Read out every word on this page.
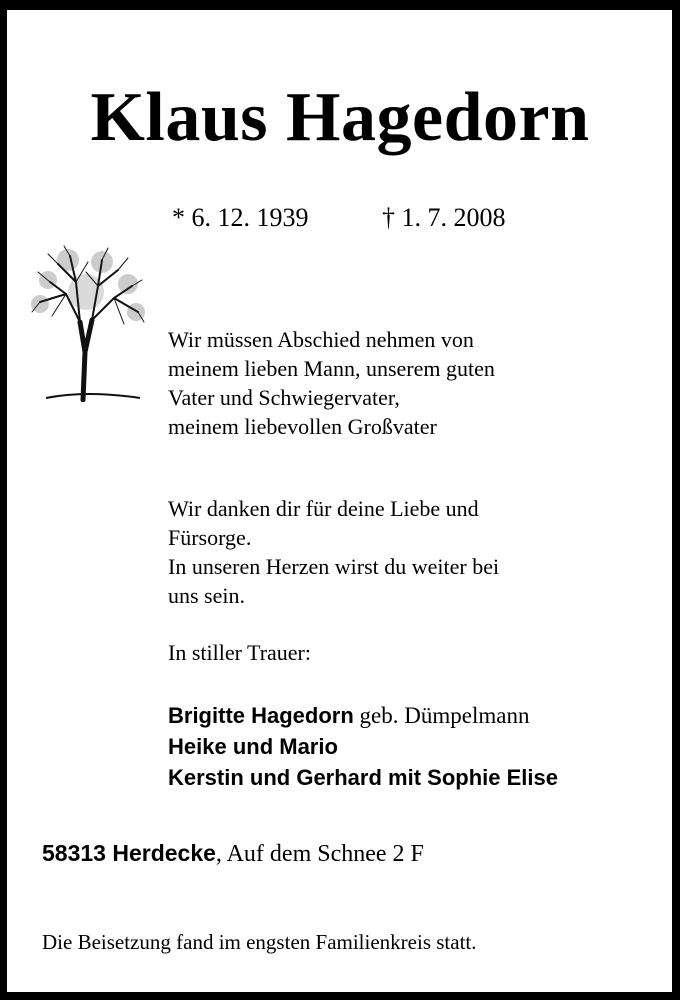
Klaus Hagedorn
* 6. 12. 1939	† 1. 7. 2008
Wir müssen Abschied nehmen von
meinem lieben Mann, unserem guten
Vater und Schwiegervater,
meinem liebevollen Großvater
Wir danken dir für deine Liebe und
Fürsorge.
In unseren Herzen wirst du weiter bei
uns sein.
In stiller Trauer:
Brigitte Hagedorn geb. Dümpelmann
Heike und Mario
Kerstin und Gerhard mit Sophie Elise
58313 Herdecke, Auf dem Schnee 2 F
Die Beisetzung fand im engsten Familienkreis statt.
